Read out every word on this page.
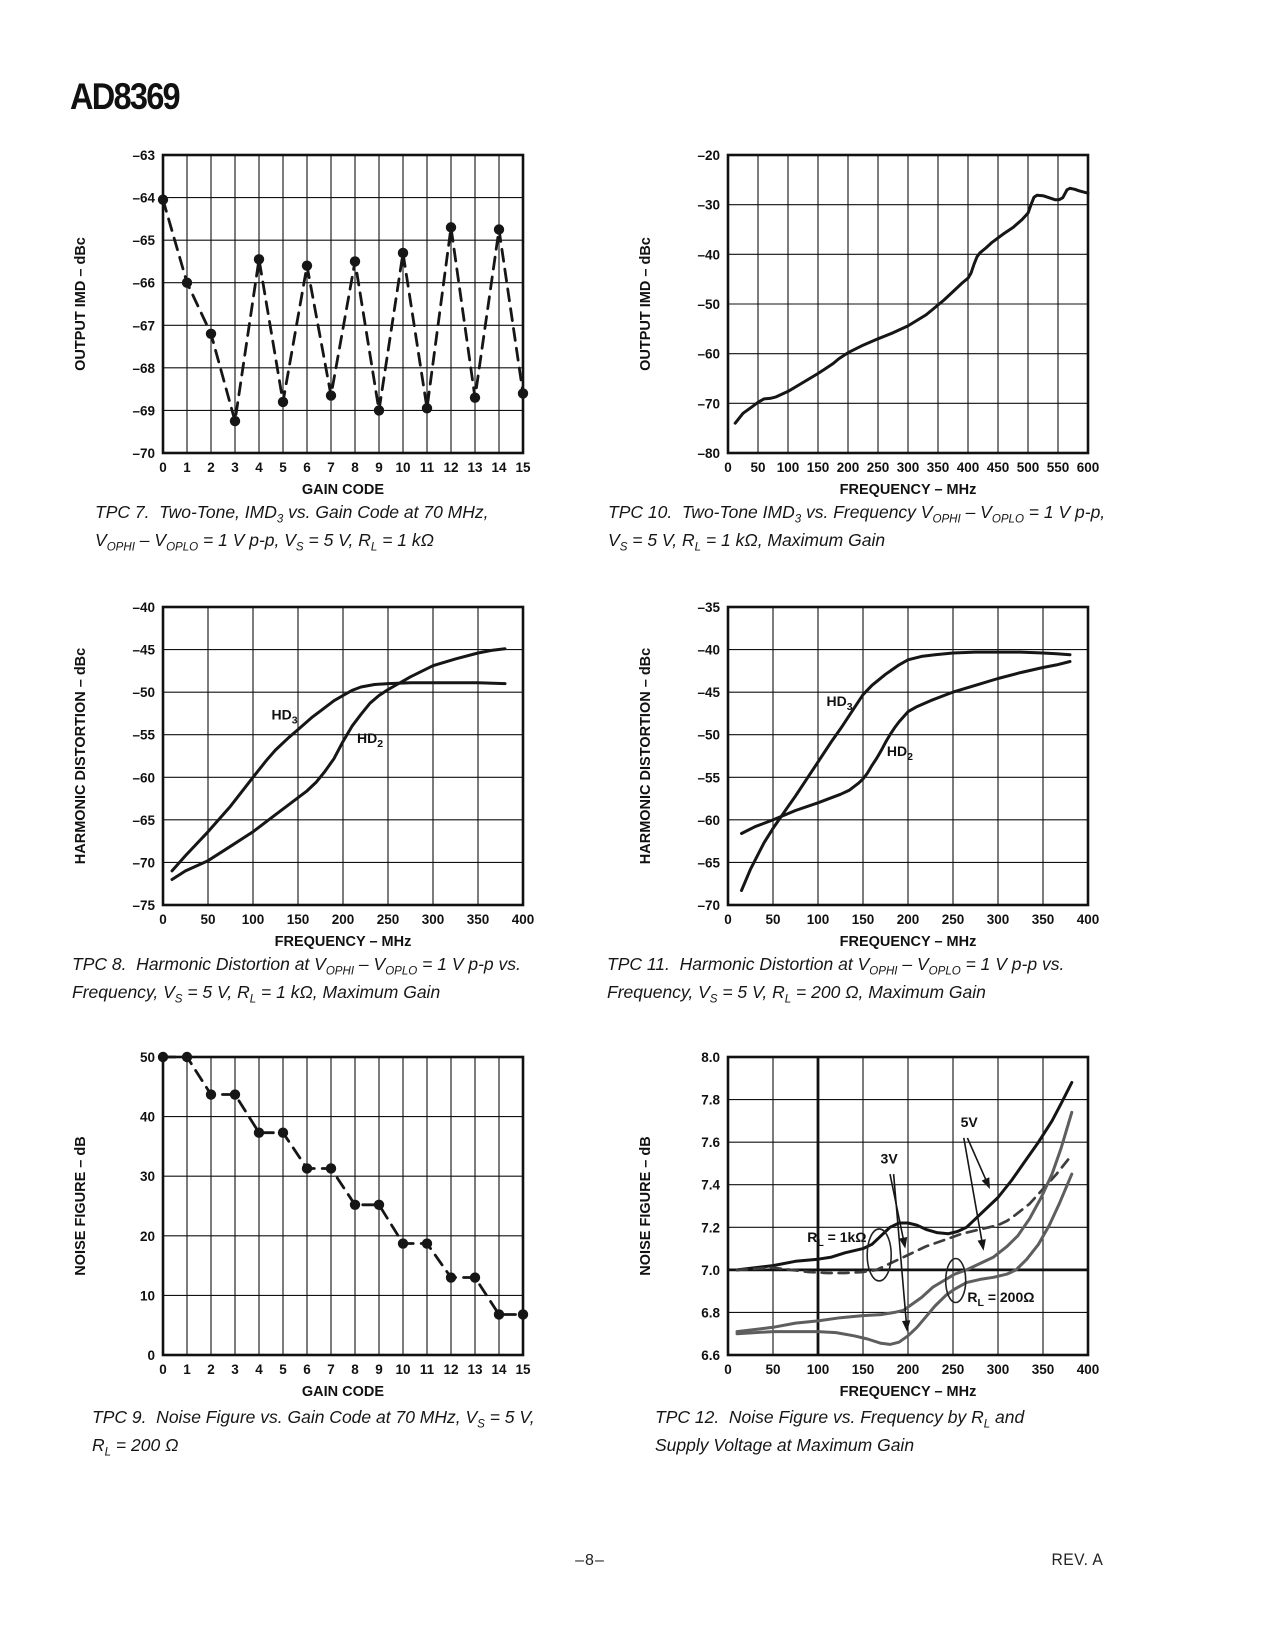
AD8369
0 1 2 3 4 5 6 7 8 9 10 11 12 13 14 15
–63
–64
–65
–66
–67
–68
–69
–70
GAIN CODE
OUTPUT IMD – dBc
0 50 100 150 200 250 300 350 400 450 500 550 600
–20
–30
–40
–50
–60
–70
–80
FREQUENCY – MHz
OUTPUT IMD – dBc
TPC 7.  Two-Tone, $IMD_3$ vs. Gain Code at 70 MHz,
$V_{OPHI} - V_{OPLO} = 1$ V p-p, $V_S = 5$ V, $R_L = 1$ kΩ
TPC 10.  Two-Tone $IMD_3$ vs. Frequency $V_{OPHI} - V_{OPLO} = 1$ V p-p,
$V_S = 5$ V, $R_L = 1$ kΩ, Maximum Gain
0 50 100 150 200 250 300 350 400
–40
–45
–50
–55
–60
–65
–70
–75
FREQUENCY – MHz
HARMONIC DISTORTION – dBc	$HD_3$
$HD_2$
0 50 100 150 200 250 300 350 400
–35
–40
–45
–50
–55
–60
–65
–70
FREQUENCY – MHz
HARMONIC DISTORTION – dBc	$HD_3$
$HD_2$
TPC 8.  Harmonic Distortion at $V_{OPHI} - V_{OPLO} = 1$ V p-p vs.
Frequency, $V_S = 5$ V, $R_L = 1$ kΩ, Maximum Gain
TPC 11.  Harmonic Distortion at $V_{OPHI} - V_{OPLO} = 1$ V p-p vs.
Frequency, $V_S = 5$ V, $R_L = 200$ Ω, Maximum Gain
0 1 2 3 4 5 6 7 8 9 10 11 12 13 14 15
0
10
20
30
40
50
GAIN CODE
NOISE FIGURE – dB
0 50 100 150 200 250 300 350 400
6.6
6.8
7.0
7.2
7.4
7.6
7.8
8.0
FREQUENCY – MHz
NOISE FIGURE – dB	3V
5V
$R_L = 1k\Omega$
$R_L = 200\Omega$
TPC 9.  Noise Figure vs. Gain Code at 70 MHz, $V_S = 5$ V,
$R_L = 200$ Ω
TPC 12.  Noise Figure vs. Frequency by $R_L$ and
Supply Voltage at Maximum Gain
–8–	REV. A
